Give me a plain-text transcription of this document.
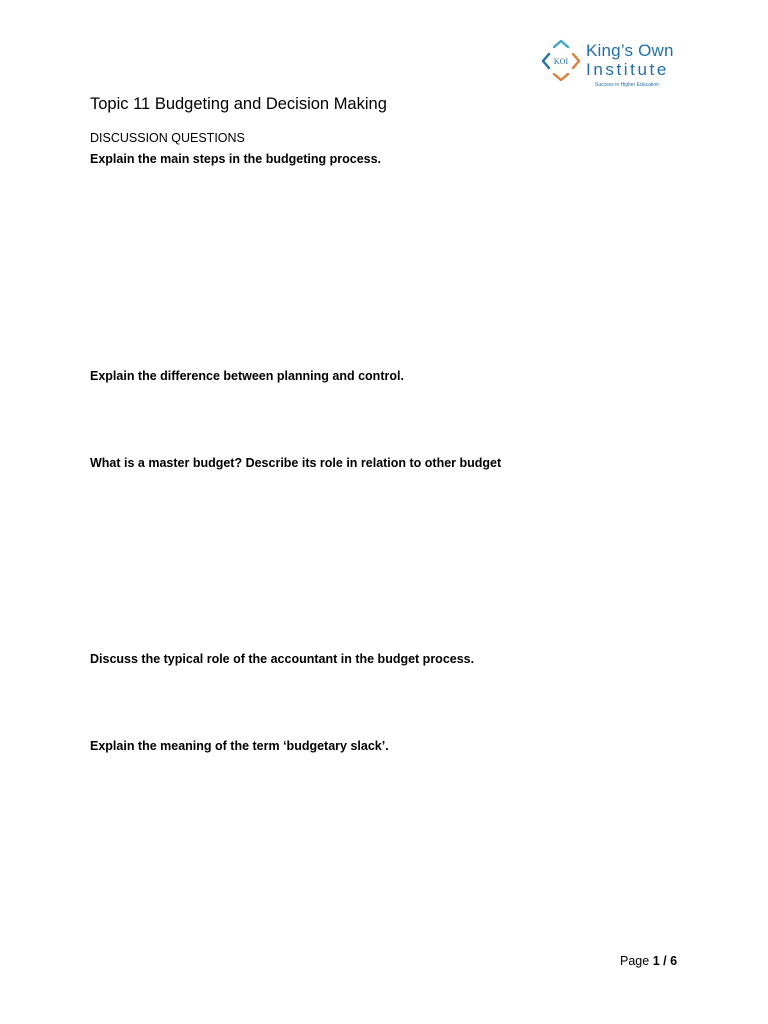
KOI
King’s Own
Institute
Success in Higher Education
Topic 11 Budgeting and Decision Making
DISCUSSION QUESTIONS
Explain the main steps in the budgeting process.
Explain the difference between planning and control.
What is a master budget? Describe its role in relation to other budget
Discuss the typical role of the accountant in the budget process.
Explain the meaning of the term ‘budgetary slack’.
Page 1 / 6
